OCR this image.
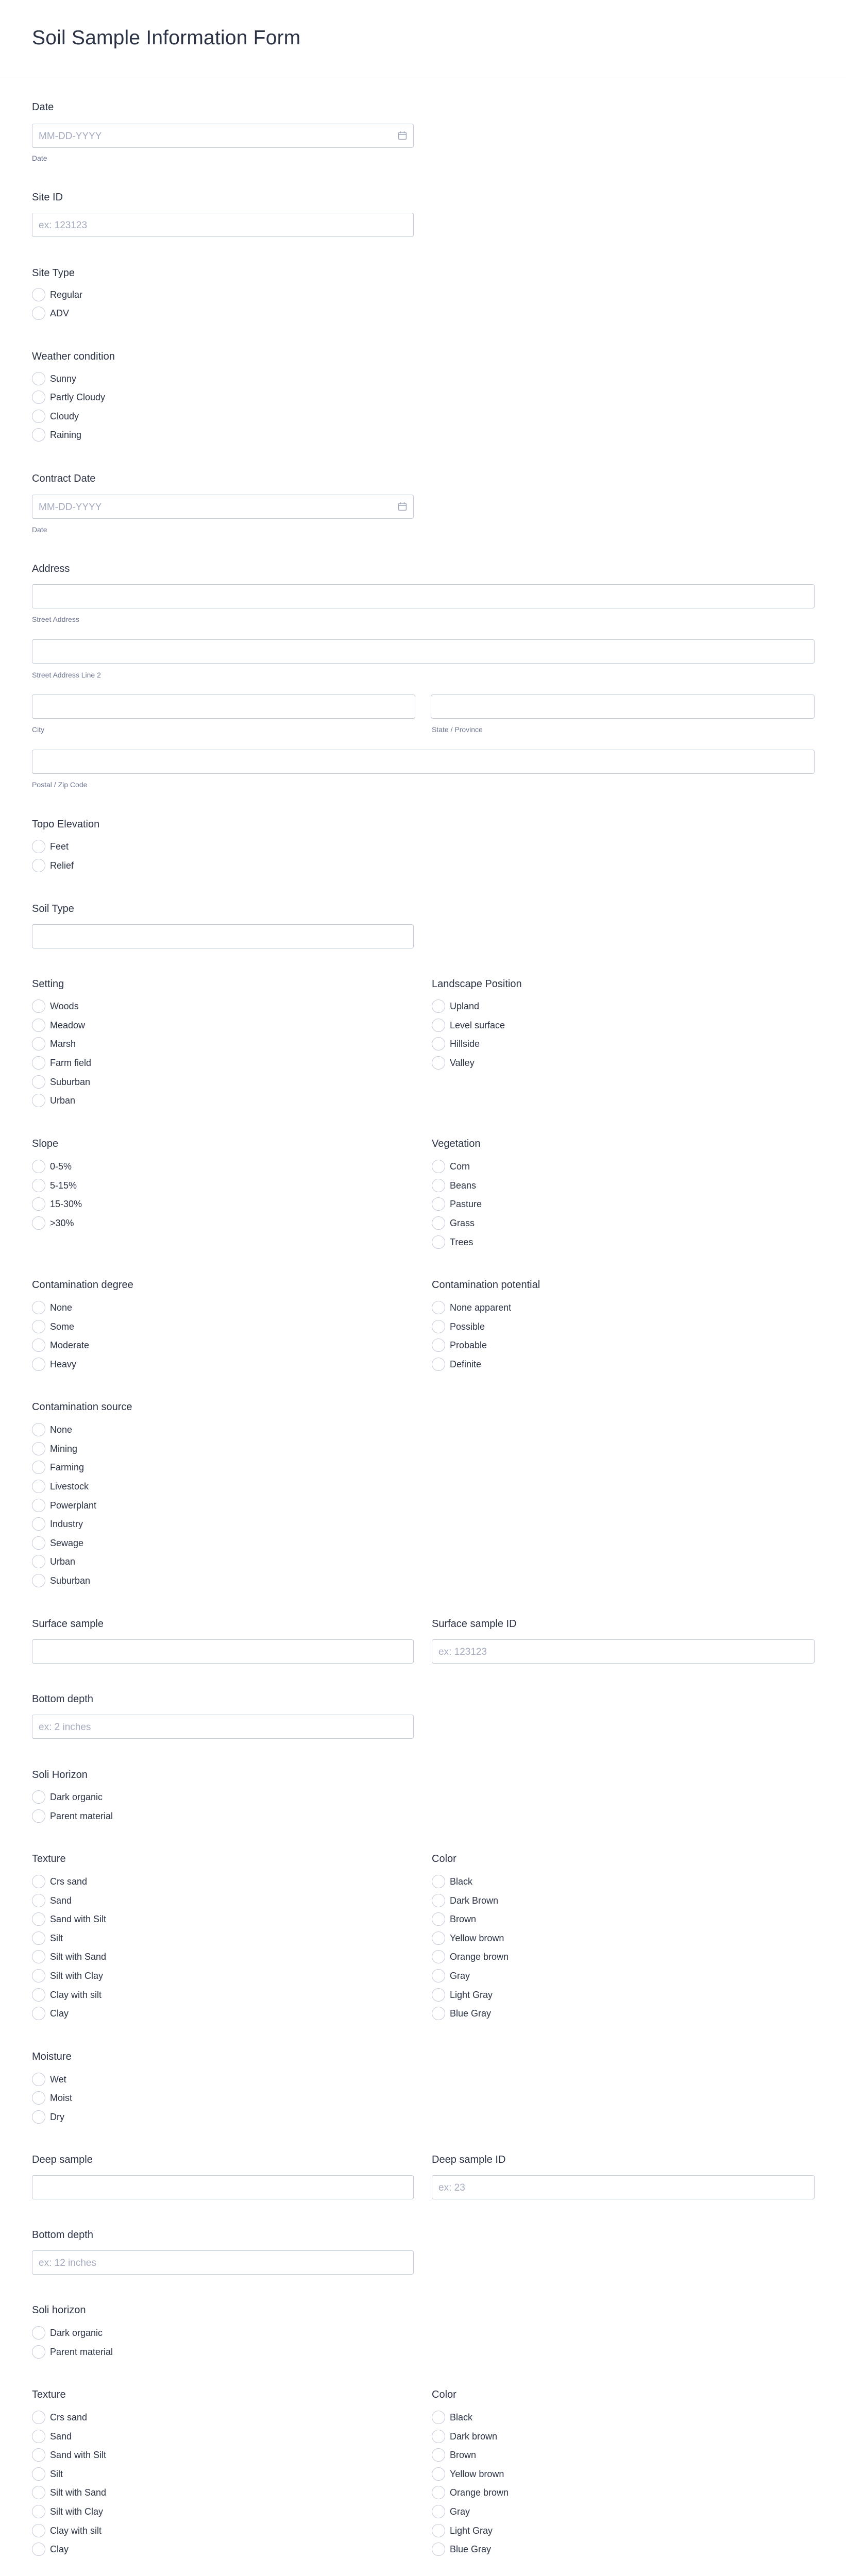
Soil Sample Information Form
Date
MM-DD-YYYY
Date
Site ID
ex: 123123
Site Type
Regular
ADV
Weather condition
Sunny
Partly Cloudy
Cloudy
Raining
Contract Date
MM-DD-YYYY
Date
Address
Street Address
Street Address Line 2
City	State / Province
Postal / Zip Code
Topo Elevation
Feet
Relief
Soil Type
Setting
Woods
Meadow
Marsh
Farm field
Suburban
Urban
Landscape Position
Upland
Level surface
Hillside
Valley
Slope
0-5%
5-15%
15-30%
>30%
Vegetation
Corn
Beans
Pasture
Grass
Trees
Contamination degree
None
Some
Moderate
Heavy
Contamination potential
None apparent
Possible
Probable
Definite
Contamination source
None
Mining
Farming
Livestock
Powerplant
Industry
Sewage
Urban
Suburban
Surface sample	Surface sample ID
ex: 123123
Bottom depth
ex: 2 inches
Soli Horizon
Dark organic
Parent material
Texture
Crs sand
Sand
Sand with Silt
Silt
Silt with Sand
Silt with Clay
Clay with silt
Clay
Color
Black
Dark Brown
Brown
Yellow brown
Orange brown
Gray
Light Gray
Blue Gray
Moisture
Wet
Moist
Dry
Deep sample	Deep sample ID
ex: 23
Bottom depth
ex: 12 inches
Soli horizon
Dark organic
Parent material
Texture
Crs sand
Sand
Sand with Silt
Silt
Silt with Sand
Silt with Clay
Clay with silt
Clay
Color
Black
Dark brown
Brown
Yellow brown
Orange brown
Gray
Light Gray
Blue Gray
